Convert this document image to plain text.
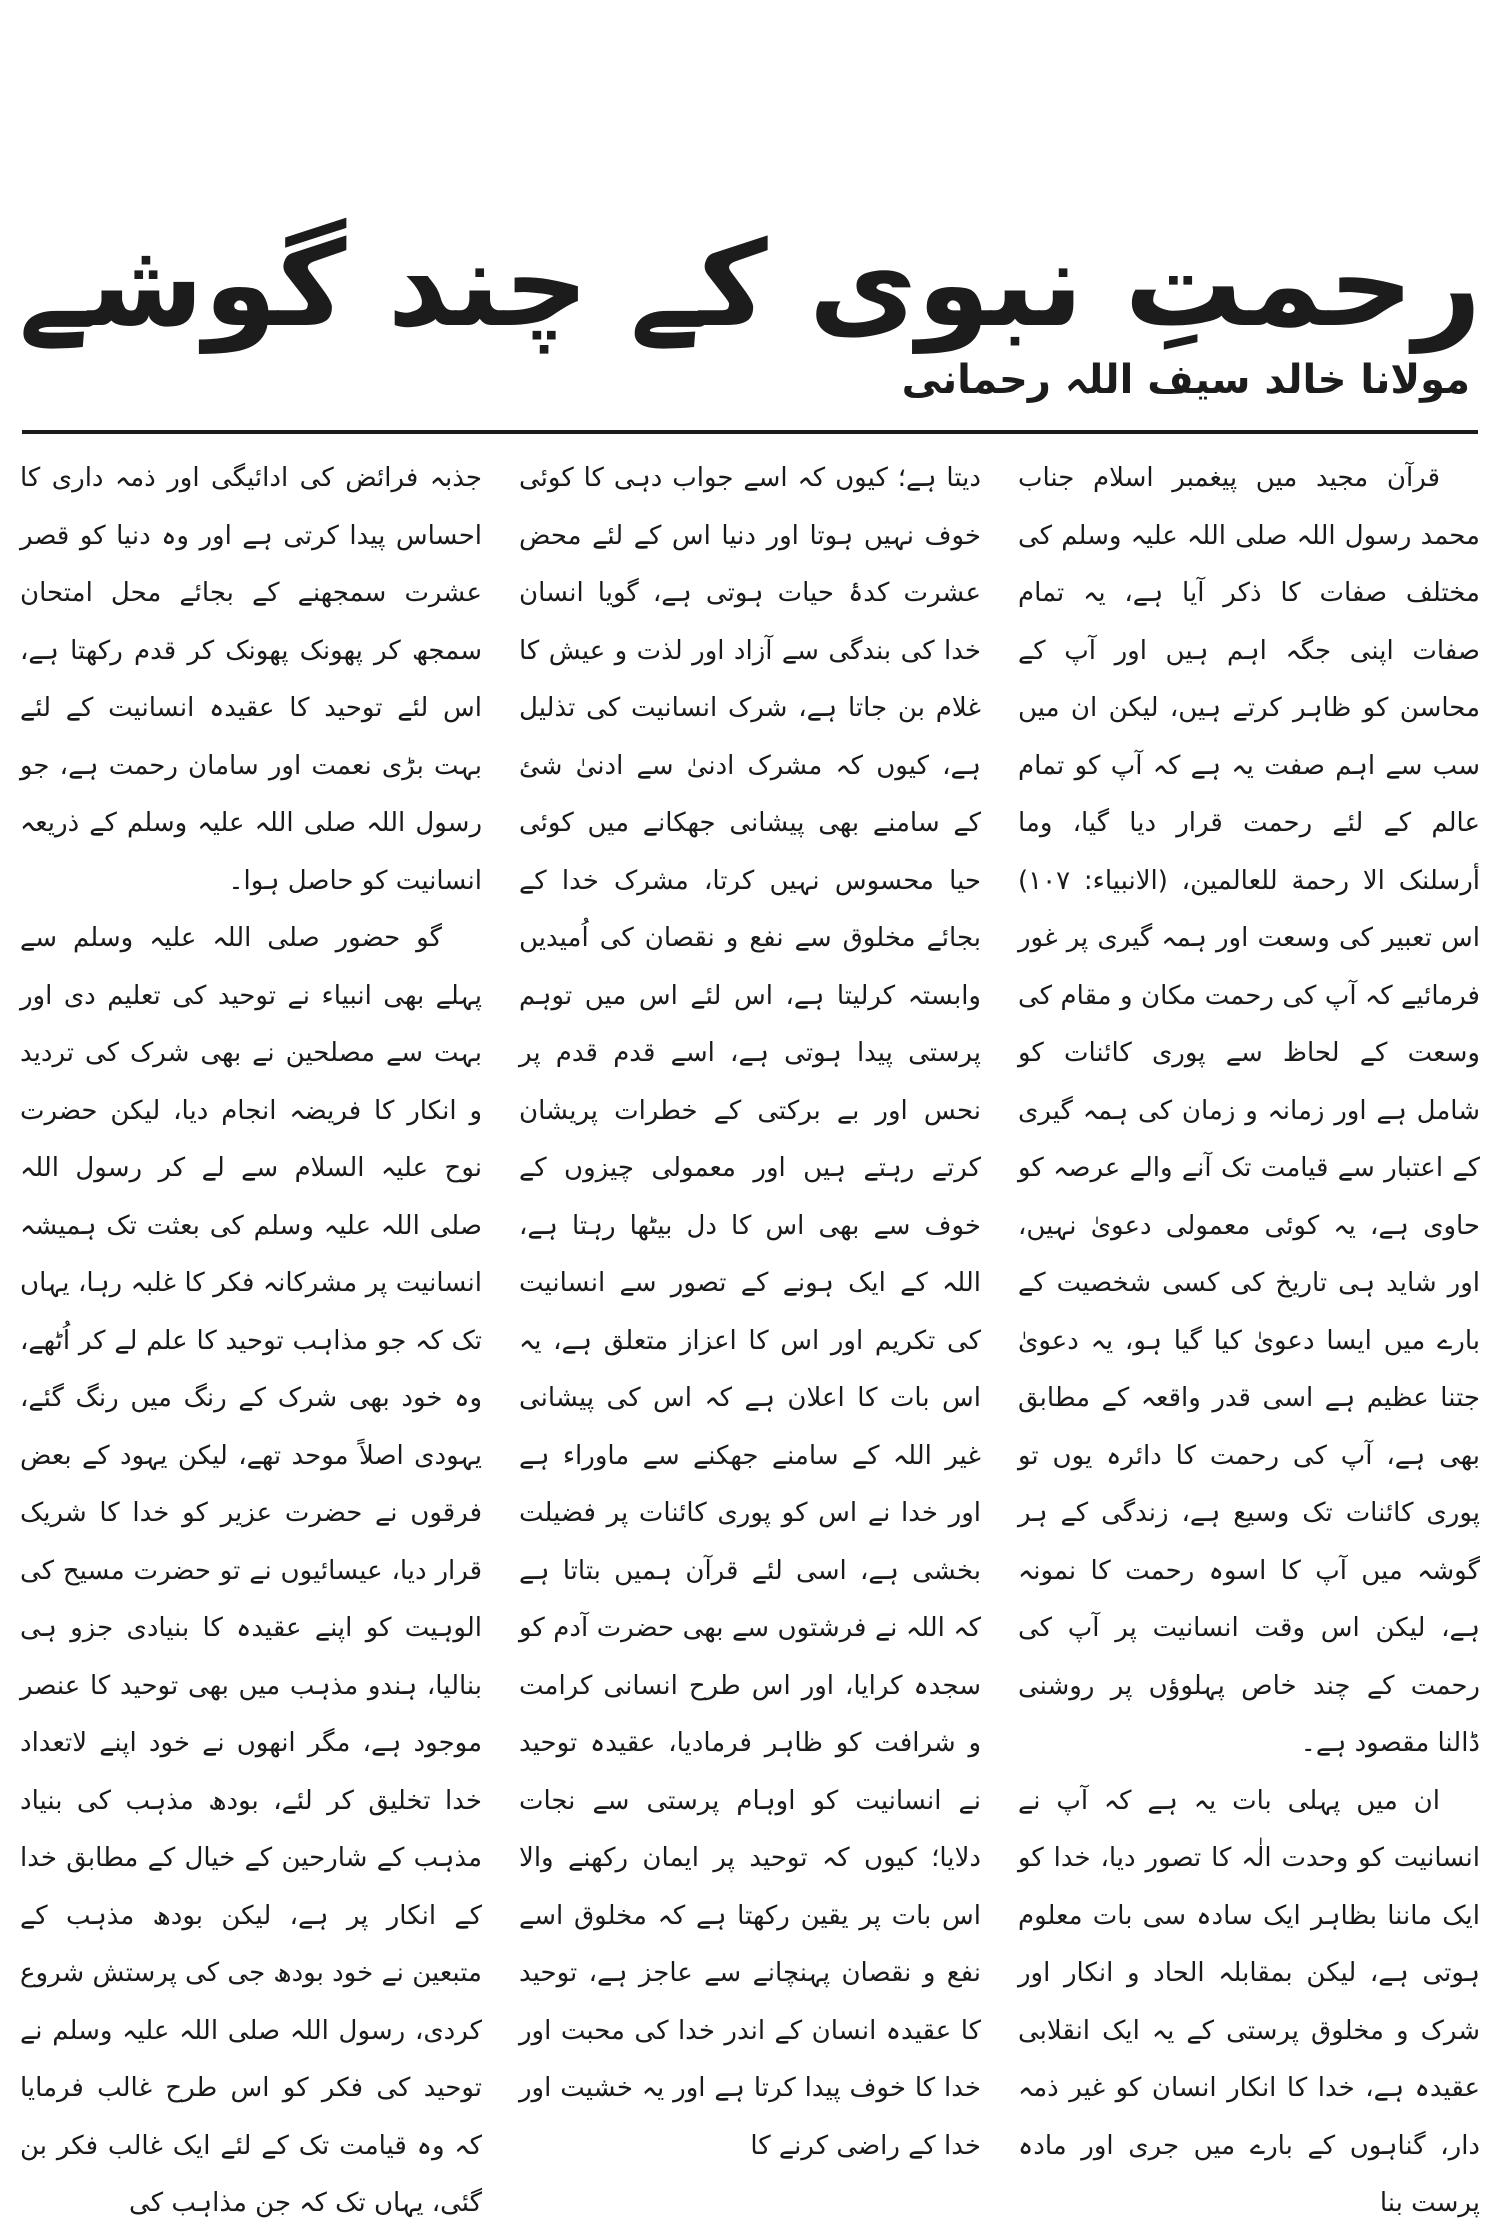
رحمتِ نبوی کے چند گوشے
مولانا خالد سیف اللہ رحمانی

قرآن مجید میں پیغمبر اسلام جناب محمد رسول اللہ صلی اللہ علیہ وسلم کی مختلف صفات کا ذکر آیا ہے، یہ تمام صفات اپنی جگہ اہم ہیں اور آپ کے محاسن کو ظاہر کرتے ہیں، لیکن ان میں سب سے اہم صفت یہ ہے کہ آپ کو تمام عالم کے لئے رحمت قرار دیا گیا، وما أرسلنک الا رحمة للعالمین، (الانبیاء: ۱۰۷) اس تعبیر کی وسعت اور ہمہ گیری پر غور فرمائیے کہ آپ کی رحمت مکان و مقام کی وسعت کے لحاظ سے پوری کائنات کو شامل ہے اور زمانہ و زمان کی ہمہ گیری کے اعتبار سے قیامت تک آنے والے عرصہ کو حاوی ہے، یہ کوئی معمولی دعویٰ نہیں، اور شاید ہی تاریخ کی کسی شخصیت کے بارے میں ایسا دعویٰ کیا گیا ہو، یہ دعویٰ جتنا عظیم ہے اسی قدر واقعہ کے مطابق بھی ہے، آپ کی رحمت کا دائرہ یوں تو پوری کائنات تک وسیع ہے، زندگی کے ہر گوشہ میں آپ کا اسوہ رحمت کا نمونہ ہے، لیکن اس وقت انسانیت پر آپ کی رحمت کے چند خاص پہلوؤں پر روشنی ڈالنا مقصود ہے۔

ان میں پہلی بات یہ ہے کہ آپ نے انسانیت کو وحدت الٰہ کا تصور دیا، خدا کو ایک ماننا بظاہر ایک سادہ سی بات معلوم ہوتی ہے، لیکن بمقابلہ الحاد و انکار اور شرک و مخلوق پرستی کے یہ ایک انقلابی عقیدہ ہے، خدا کا انکار انسان کو غیر ذمہ دار، گناہوں کے بارے میں جری اور مادہ پرست بنا

دیتا ہے؛ کیوں کہ اسے جواب دہی کا کوئی خوف نہیں ہوتا اور دنیا اس کے لئے محض عشرت کدۂ حیات ہوتی ہے، گویا انسان خدا کی بندگی سے آزاد اور لذت و عیش کا غلام بن جاتا ہے، شرک انسانیت کی تذلیل ہے، کیوں کہ مشرک ادنیٰ سے ادنیٰ شئ کے سامنے بھی پیشانی جھکانے میں کوئی حیا محسوس نہیں کرتا، مشرک خدا کے بجائے مخلوق سے نفع و نقصان کی اُمیدیں وابستہ کرلیتا ہے، اس لئے اس میں توہم پرستی پیدا ہوتی ہے، اسے قدم قدم پر نحس اور بے برکتی کے خطرات پریشان کرتے رہتے ہیں اور معمولی چیزوں کے خوف سے بھی اس کا دل بیٹھا رہتا ہے، اللہ کے ایک ہونے کے تصور سے انسانیت کی تکریم اور اس کا اعزاز متعلق ہے، یہ اس بات کا اعلان ہے کہ اس کی پیشانی غیر اللہ کے سامنے جھکنے سے ماوراء ہے اور خدا نے اس کو پوری کائنات پر فضیلت بخشی ہے، اسی لئے قرآن ہمیں بتاتا ہے کہ اللہ نے فرشتوں سے بھی حضرت آدم کو سجدہ کرایا، اور اس طرح انسانی کرامت و شرافت کو ظاہر فرمادیا، عقیدہ توحید نے انسانیت کو اوہام پرستی سے نجات دلایا؛ کیوں کہ توحید پر ایمان رکھنے والا اس بات پر یقین رکھتا ہے کہ مخلوق اسے نفع و نقصان پہنچانے سے عاجز ہے، توحید کا عقیدہ انسان کے اندر خدا کی محبت اور خدا کا خوف پیدا کرتا ہے اور یہ خشیت اور خدا کے راضی کرنے کا

جذبہ فرائض کی ادائیگی اور ذمہ داری کا احساس پیدا کرتی ہے اور وہ دنیا کو قصر عشرت سمجھنے کے بجائے محل امتحان سمجھ کر پھونک پھونک کر قدم رکھتا ہے، اس لئے توحید کا عقیدہ انسانیت کے لئے بہت بڑی نعمت اور سامان رحمت ہے، جو رسول اللہ صلی اللہ علیہ وسلم کے ذریعہ انسانیت کو حاصل ہوا۔

گو حضور صلی اللہ علیہ وسلم سے پہلے بھی انبیاء نے توحید کی تعلیم دی اور بہت سے مصلحین نے بھی شرک کی تردید و انکار کا فریضہ انجام دیا، لیکن حضرت نوح علیہ السلام سے لے کر رسول اللہ صلی اللہ علیہ وسلم کی بعثت تک ہمیشہ انسانیت پر مشرکانہ فکر کا غلبہ رہا، یہاں تک کہ جو مذاہب توحید کا علم لے کر اُٹھے، وہ خود بھی شرک کے رنگ میں رنگ گئے، یہودی اصلاً موحد تھے، لیکن یہود کے بعض فرقوں نے حضرت عزیر کو خدا کا شریک قرار دیا، عیسائیوں نے تو حضرت مسیح کی الوہیت کو اپنے عقیدہ کا بنیادی جزو ہی بنالیا، ہندو مذہب میں بھی توحید کا عنصر موجود ہے، مگر انھوں نے خود اپنے لاتعداد خدا تخلیق کر لئے، بودھ مذہب کی بنیاد مذہب کے شارحین کے خیال کے مطابق خدا کے انکار پر ہے، لیکن بودھ مذہب کے متبعین نے خود بودھ جی کی پرستش شروع کردی، رسول اللہ صلی اللہ علیہ وسلم نے توحید کی فکر کو اس طرح غالب فرمایا کہ وہ قیامت تک کے لئے ایک غالب فکر بن گئی، یہاں تک کہ جن مذاہب کی
